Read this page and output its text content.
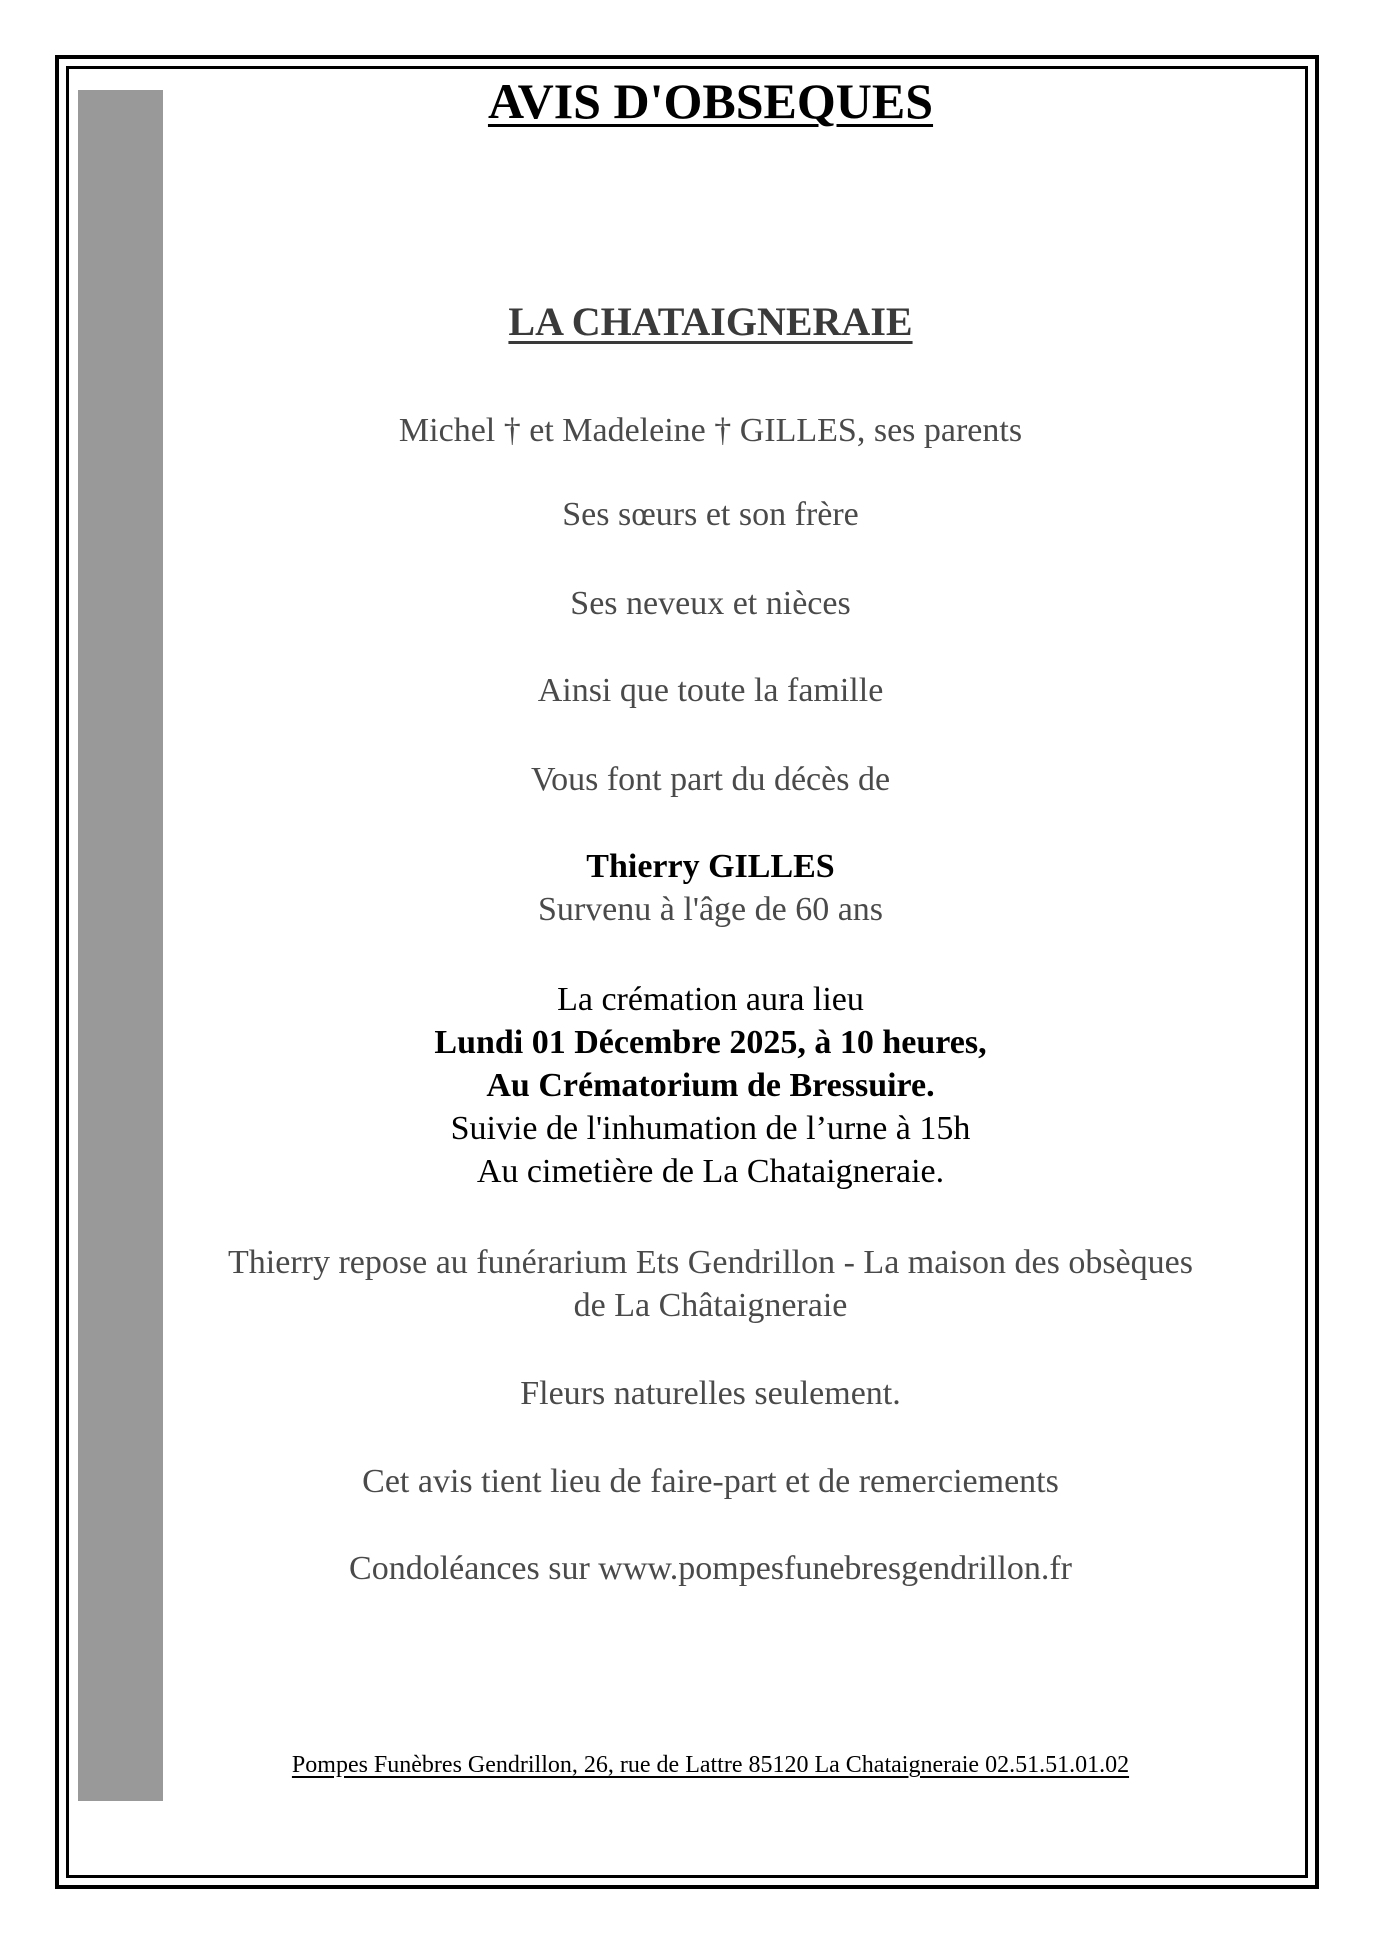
AVIS D'OBSEQUES
LA CHATAIGNERAIE

Michel † et Madeleine † GILLES, ses parents

Ses sœurs et son frère

Ses neveux et nièces

Ainsi que toute la famille

Vous font part du décès de

Thierry GILLES

Survenu à l'âge de 60 ans

La crémation aura lieu

Lundi 01 Décembre 2025, à 10 heures,

Au Crématorium de Bressuire.

Suivie de l'inhumation de l’urne à 15h

Au cimetière de La Chataigneraie.

Thierry repose au funérarium Ets Gendrillon - La maison des obsèques

de La Châtaigneraie

Fleurs naturelles seulement.

Cet avis tient lieu de faire-part et de remerciements

Condoléances sur www.pompesfunebresgendrillon.fr

Pompes Funèbres Gendrillon, 26, rue de Lattre 85120 La Chataigneraie 02.51.51.01.02
